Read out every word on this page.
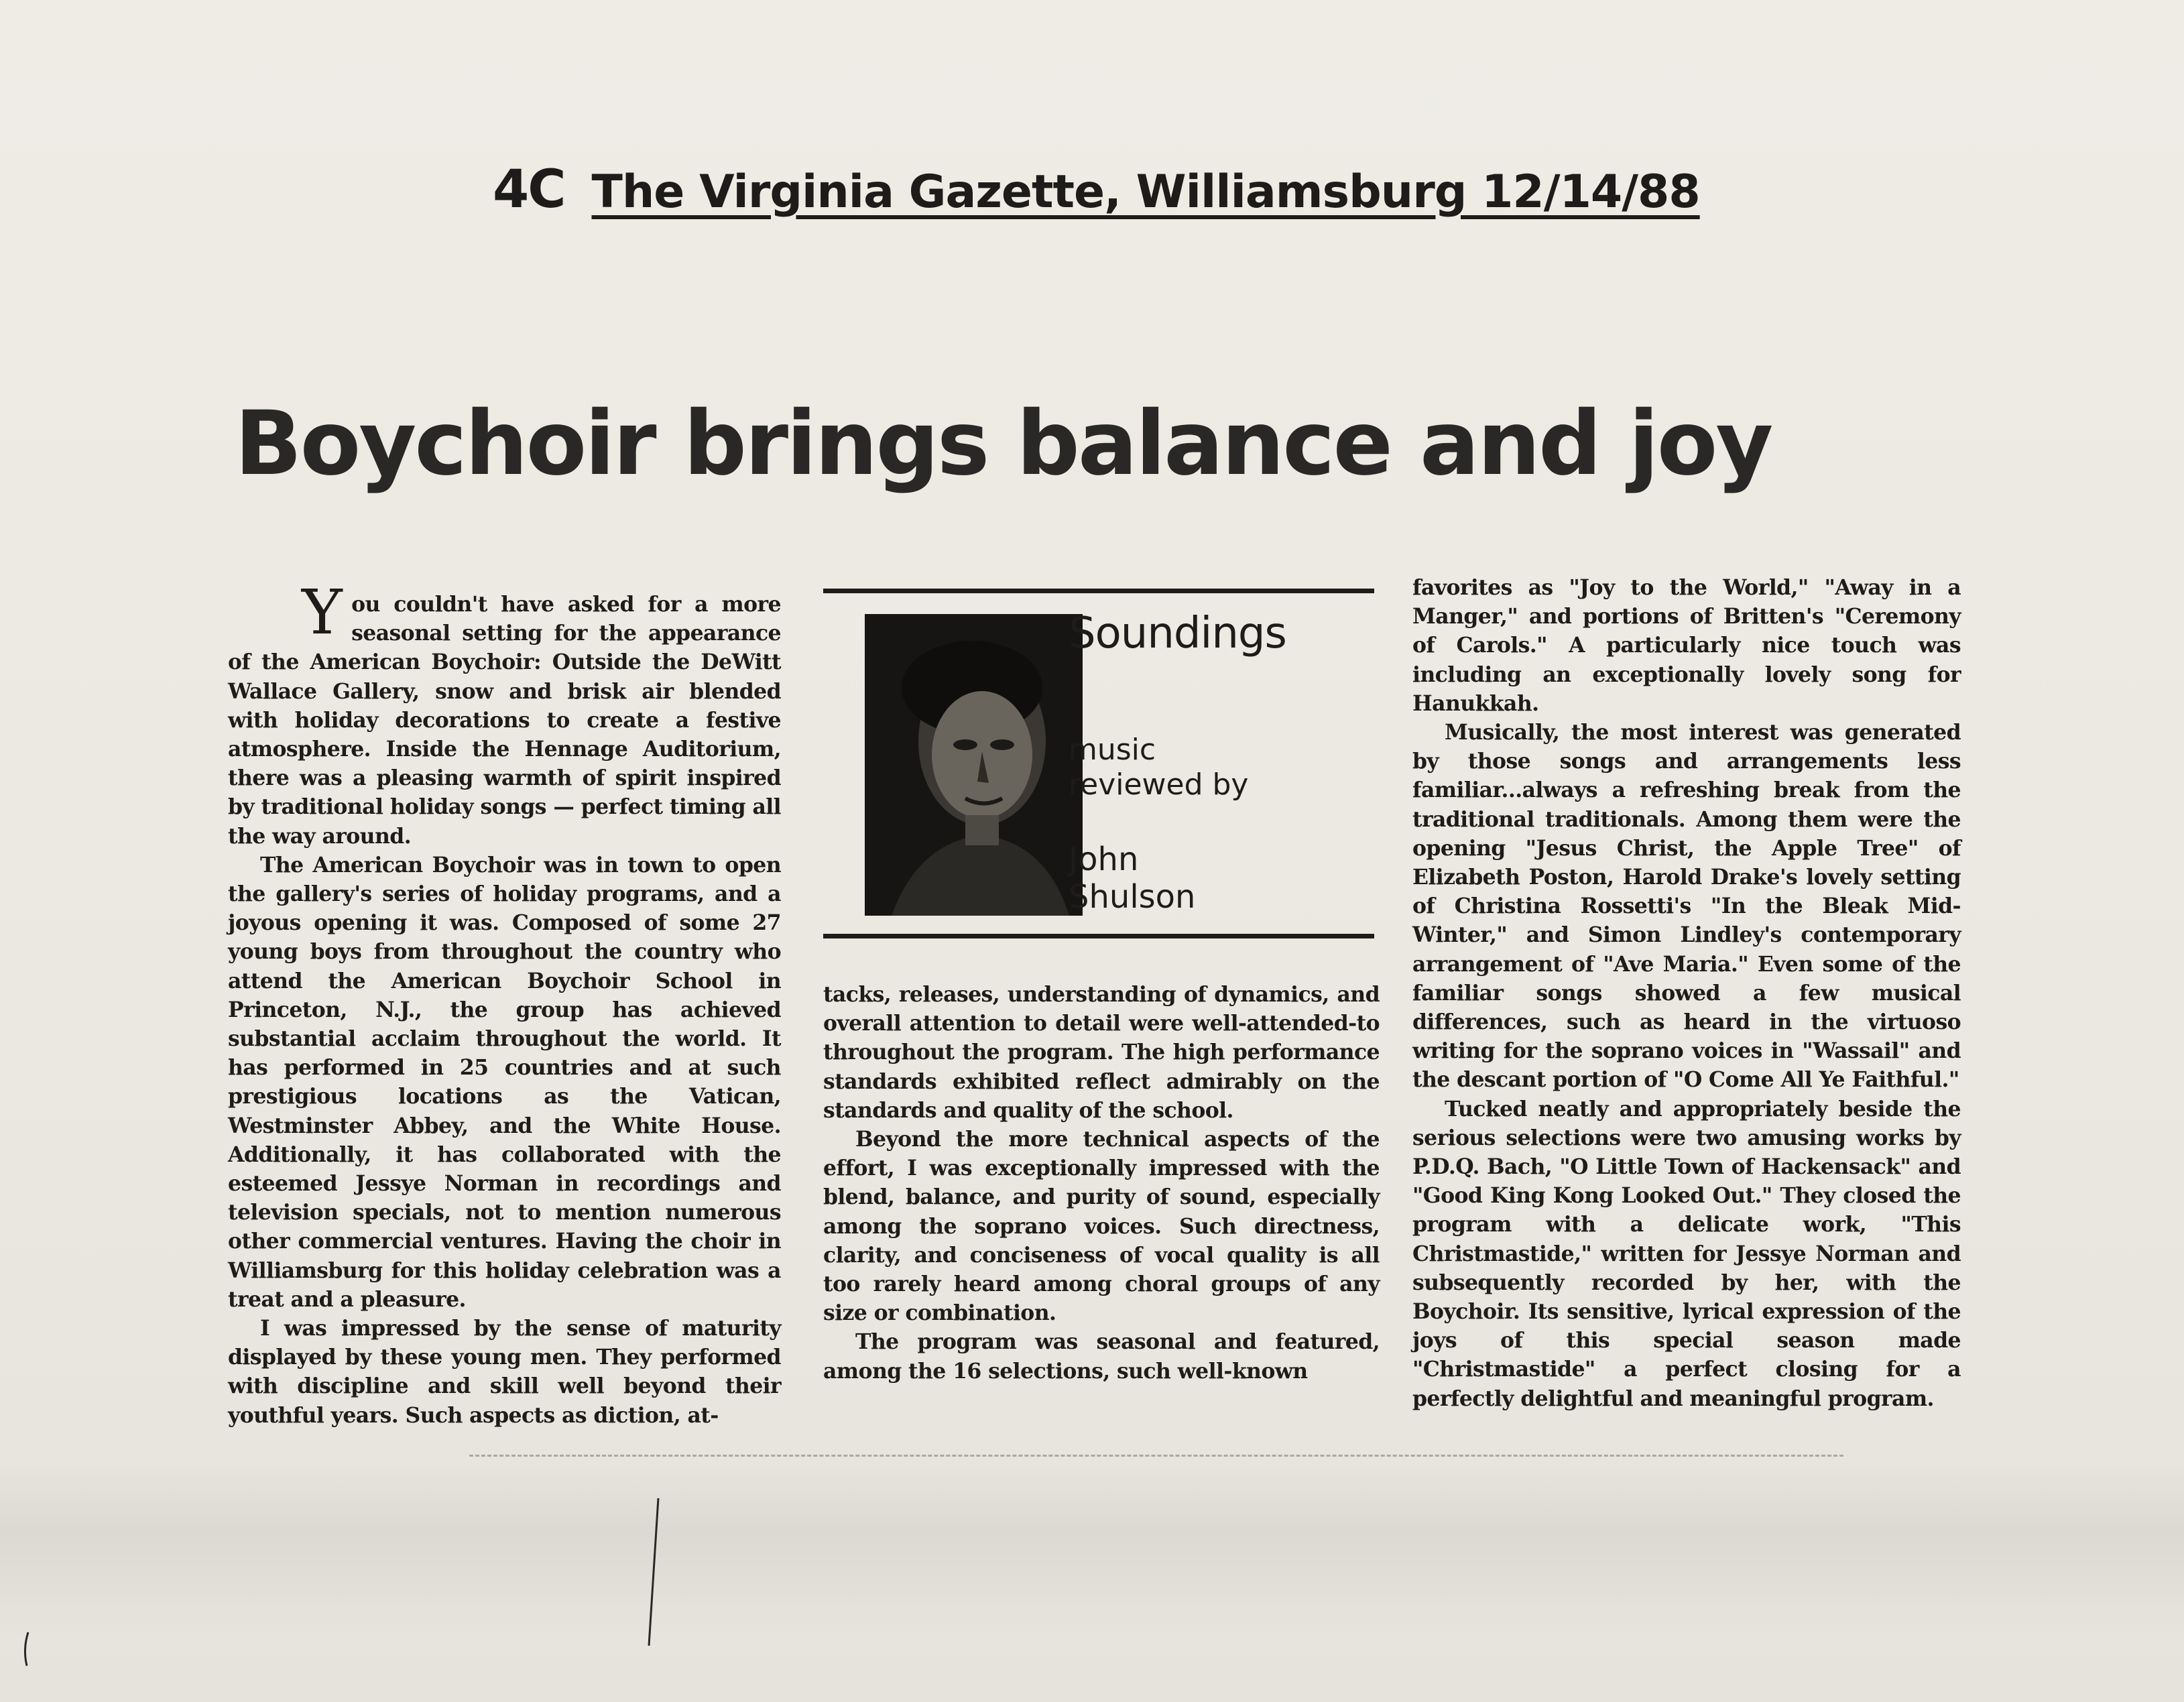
4C The Virginia Gazette, Williamsburg 12/14/88
Boychoir brings balance and joy

You couldn't have asked for a more seasonal setting for the appearance of the American Boychoir: Outside the DeWitt Wallace Gallery, snow and brisk air blended with holiday decorations to create a festive atmosphere. Inside the Hennage Auditorium, there was a pleasing warmth of spirit inspired by traditional holiday songs — perfect timing all the way around.

The American Boychoir was in town to open the gallery's series of holiday programs, and a joyous opening it was. Composed of some 27 young boys from throughout the country who attend the American Boychoir School in Princeton, N.J., the group has achieved substantial acclaim throughout the world. It has performed in 25 countries and at such prestigious locations as the Vatican, Westminster Abbey, and the White House. Additionally, it has collaborated with the esteemed Jessye Norman in recordings and television specials, not to mention numerous other commercial ventures. Having the choir in Williamsburg for this holiday celebration was a treat and a pleasure.

I was impressed by the sense of maturity displayed by these young men. They performed with discipline and skill well beyond their youthful years. Such aspects as diction, at-

Soundings
music
reviewed by
John
Shulson

tacks, releases, understanding of dynamics, and overall attention to detail were well-attended-to throughout the program. The high performance standards exhibited reflect admirably on the standards and quality of the school.

Beyond the more technical aspects of the effort, I was exceptionally impressed with the blend, balance, and purity of sound, especially among the soprano voices. Such directness, clarity, and conciseness of vocal quality is all too rarely heard among choral groups of any size or combination.

The program was seasonal and featured, among the 16 selections, such well-known

favorites as "Joy to the World," "Away in a Manger," and portions of Britten's "Ceremony of Carols." A particularly nice touch was including an exceptionally lovely song for Hanukkah.

Musically, the most interest was generated by those songs and arrangements less familiar...always a refreshing break from the traditional traditionals. Among them were the opening "Jesus Christ, the Apple Tree" of Elizabeth Poston, Harold Drake's lovely setting of Christina Rossetti's "In the Bleak Mid-Winter," and Simon Lindley's contemporary arrangement of "Ave Maria." Even some of the familiar songs showed a few musical differences, such as heard in the virtuoso writing for the soprano voices in "Wassail" and the descant portion of "O Come All Ye Faithful."

Tucked neatly and appropriately beside the serious selections were two amusing works by P.D.Q. Bach, "O Little Town of Hackensack" and "Good King Kong Looked Out." They closed the program with a delicate work, "This Christmastide," written for Jessye Norman and subsequently recorded by her, with the Boychoir. Its sensitive, lyrical expression of the joys of this special season made "Christmastide" a perfect closing for a perfectly delightful and meaningful program.
